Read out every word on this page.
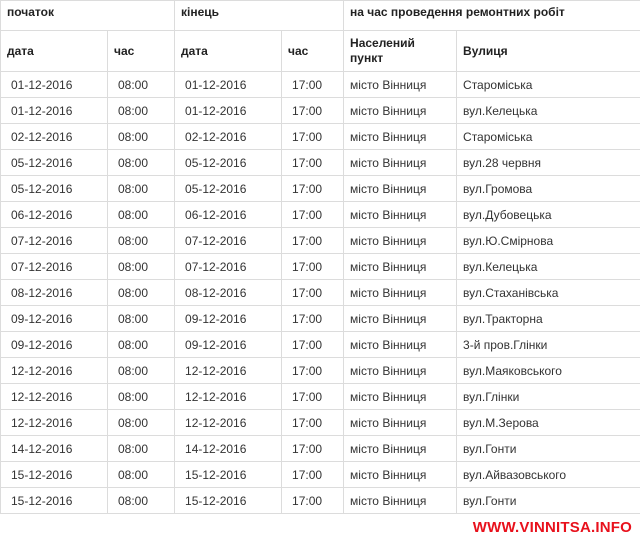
початок		кінець		на час проведення ремонтних робіт	
дата	час	дата	час	Населений пункт	Вулиця
01-12-2016	08:00	01-12-2016	17:00	місто Вінниця	Староміська
01-12-2016	08:00	01-12-2016	17:00	місто Вінниця	вул.Келецька
02-12-2016	08:00	02-12-2016	17:00	місто Вінниця	Староміська
05-12-2016	08:00	05-12-2016	17:00	місто Вінниця	вул.28 червня
05-12-2016	08:00	05-12-2016	17:00	місто Вінниця	вул.Громова
06-12-2016	08:00	06-12-2016	17:00	місто Вінниця	вул.Дубовецька
07-12-2016	08:00	07-12-2016	17:00	місто Вінниця	вул.Ю.Смірнова
07-12-2016	08:00	07-12-2016	17:00	місто Вінниця	вул.Келецька
08-12-2016	08:00	08-12-2016	17:00	місто Вінниця	вул.Стаханівська
09-12-2016	08:00	09-12-2016	17:00	місто Вінниця	вул.Тракторна
09-12-2016	08:00	09-12-2016	17:00	місто Вінниця	3-й пров.Глінки
12-12-2016	08:00	12-12-2016	17:00	місто Вінниця	вул.Маяковського
12-12-2016	08:00	12-12-2016	17:00	місто Вінниця	вул.Глінки
12-12-2016	08:00	12-12-2016	17:00	місто Вінниця	вул.М.Зерова
14-12-2016	08:00	14-12-2016	17:00	місто Вінниця	вул.Гонти
15-12-2016	08:00	15-12-2016	17:00	місто Вінниця	вул.Айвазовського
15-12-2016	08:00	15-12-2016	17:00	місто Вінниця	вул.Гонти
WWW.VINNITSA.INFO
